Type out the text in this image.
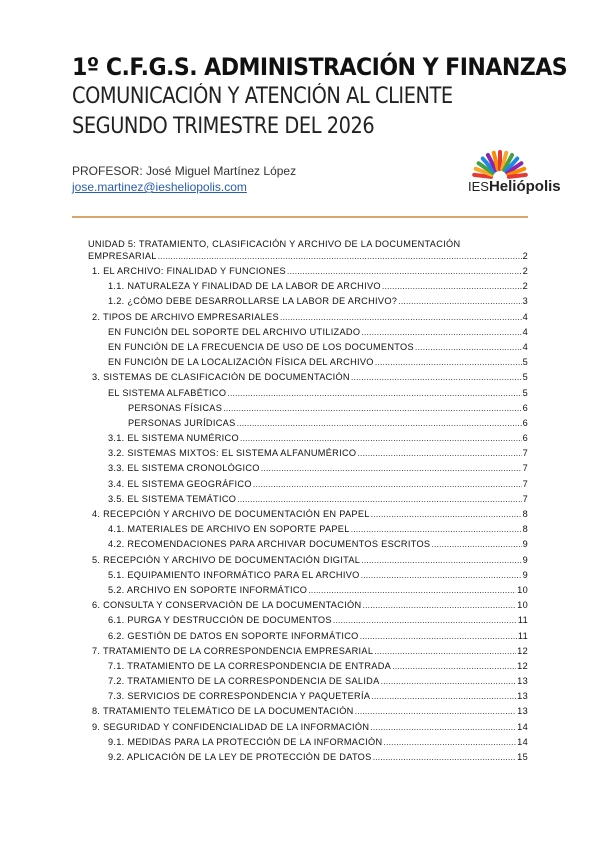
1º C.F.G.S. ADMINISTRACIÓN Y FINANZAS
COMUNICACIÓN Y ATENCIÓN AL CLIENTE
SEGUNDO TRIMESTRE DEL 2026
PROFESOR: José Miguel Martínez López
jose.martinez@iesheliopolis.com	IESHeliópolis
UNIDAD 5: TRATAMIENTO, CLASIFICACIÓN Y ARCHIVO DE LA DOCUMENTACIÓN
EMPRESARIAL .....	2
1. EL ARCHIVO: FINALIDAD Y FUNCIONES .....	2
1.1. NATURALEZA Y FINALIDAD DE LA LABOR DE ARCHIVO .....	2
1.2. ¿CÓMO DEBE DESARROLLARSE LA LABOR DE ARCHIVO? .....	3
2. TIPOS DE ARCHIVO EMPRESARIALES .....	4
EN FUNCIÓN DEL SOPORTE DEL ARCHIVO UTILIZADO .....	4
EN FUNCIÓN DE LA FRECUENCIA DE USO DE LOS DOCUMENTOS .....	4
EN FUNCIÓN DE LA LOCALIZACIÓN FÍSICA DEL ARCHIVO .....	5
3. SISTEMAS DE CLASIFICACIÓN DE DOCUMENTACIÓN .....	5
EL SISTEMA ALFABÉTICO .....	5
PERSONAS FÍSICAS .....	6
PERSONAS JURÍDICAS .....	6
3.1. EL SISTEMA NUMÉRICO .....	6
3.2. SISTEMAS MIXTOS: EL SISTEMA ALFANUMÉRICO .....	7
3.3. EL SISTEMA CRONOLÓGICO .....	7
3.4. EL SISTEMA GEOGRÁFICO .....	7
3.5. EL SISTEMA TEMÁTICO .....	7
4. RECEPCIÓN Y ARCHIVO DE DOCUMENTACIÓN EN PAPEL .....	8
4.1. MATERIALES DE ARCHIVO EN SOPORTE PAPEL .....	8
4.2. RECOMENDACIONES PARA ARCHIVAR DOCUMENTOS ESCRITOS .....	9
5. RECEPCIÓN Y ARCHIVO DE DOCUMENTACIÓN DIGITAL .....	9
5.1. EQUIPAMIENTO INFORMÁTICO PARA EL ARCHIVO .....	9
5.2. ARCHIVO EN SOPORTE INFORMÁTICO .....	10
6. CONSULTA Y CONSERVACIÓN DE LA DOCUMENTACIÓN .....	10
6.1. PURGA Y DESTRUCCIÓN DE DOCUMENTOS .....	11
6.2. GESTIÓN DE DATOS EN SOPORTE INFORMÁTICO .....	11
7. TRATAMIENTO DE LA CORRESPONDENCIA EMPRESARIAL .....	12
7.1. TRATAMIENTO DE LA CORRESPONDENCIA DE ENTRADA .....	12
7.2. TRATAMIENTO DE LA CORRESPONDENCIA DE SALIDA .....	13
7.3. SERVICIOS DE CORRESPONDENCIA Y PAQUETERÍA .....	13
8. TRATAMIENTO TELEMÁTICO DE LA DOCUMENTACIÓN .....	13
9. SEGURIDAD Y CONFIDENCIALIDAD DE LA INFORMACIÓN .....	14
9.1. MEDIDAS PARA LA PROTECCIÓN DE LA INFORMACIÓN .....	14
9.2. APLICACIÓN DE LA LEY DE PROTECCIÓN DE DATOS .....	15
